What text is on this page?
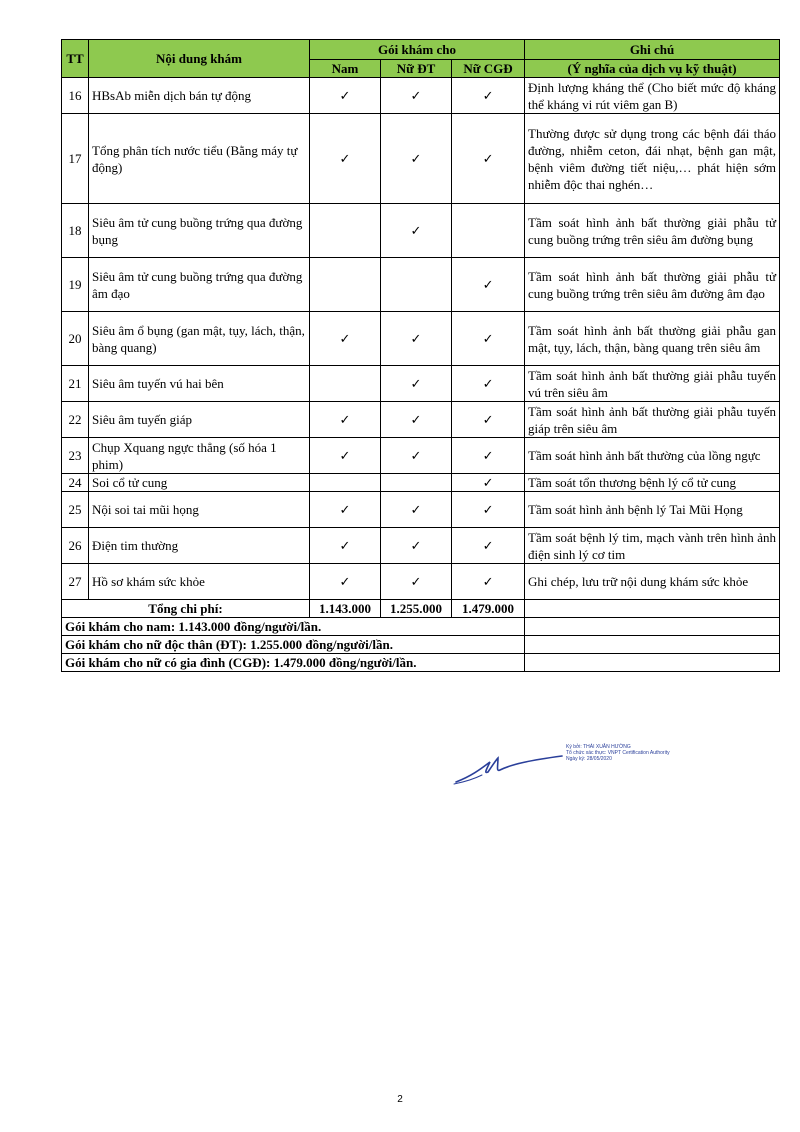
TT	Nội dung khám	Gói khám cho			Ghi chú
		Nam	Nữ ĐT	Nữ CGĐ	(Ý nghĩa của dịch vụ kỹ thuật)
16	HBsAb miễn dịch bán tự động	✓	✓	✓	Định lượng kháng thể (Cho biết mức độ kháng thể kháng vi rút viêm gan B)
17	Tổng phân tích nước tiểu (Bằng máy tự động)	✓	✓	✓	Thường được sử dụng trong các bệnh đái tháo đường, nhiễm ceton, đái nhạt, bệnh gan mật, bệnh viêm đường tiết niệu,… phát hiện sớm nhiễm độc thai nghén…
18	Siêu âm tử cung buồng trứng qua đường bụng		✓		Tầm soát hình ảnh bất thường giải phẫu tử cung buồng trứng trên siêu âm đường bụng
19	Siêu âm tử cung buồng trứng qua đường âm đạo			✓	Tầm soát hình ảnh bất thường giải phẫu tử cung buồng trứng trên siêu âm đường âm đạo
20	Siêu âm ổ bụng (gan mật, tụy, lách, thận, bàng quang)	✓	✓	✓	Tầm soát hình ảnh bất thường giải phẫu gan mật, tụy, lách, thận, bàng quang trên siêu âm
21	Siêu âm tuyến vú hai bên		✓	✓	Tầm soát hình ảnh bất thường giải phẫu tuyến vú trên siêu âm
22	Siêu âm tuyến giáp	✓	✓	✓	Tầm soát hình ảnh bất thường giải phẫu tuyến giáp trên siêu âm
23	Chụp Xquang ngực thẳng (số hóa 1 phim)	✓	✓	✓	Tầm soát hình ảnh bất thường của lồng ngực
24	Soi cổ tử cung			✓	Tầm soát tổn thương bệnh lý cổ tử cung
25	Nội soi tai mũi họng	✓	✓	✓	Tầm soát hình ảnh bệnh lý Tai Mũi Họng
26	Điện tim thường	✓	✓	✓	Tầm soát bệnh lý tim, mạch vành trên hình ảnh điện sinh lý cơ tim
27	Hồ sơ khám sức khỏe	✓	✓	✓	Ghi chép, lưu trữ nội dung khám sức khỏe
Tổng chi phí:		1.143.000	1.255.000	1.479.000	
Gói khám cho nam: 1.143.000 đồng/người/lần.					
Gói khám cho nữ độc thân (ĐT): 1.255.000 đồng/người/lần.					
Gói khám cho nữ có gia đình (CGĐ): 1.479.000 đồng/người/lần.					
Ký bởi: THÁI XUÂN HƯỜNG
Tổ chức xác thực: VNPT Certification Authority
Ngày ký: 28/05/2020
2
